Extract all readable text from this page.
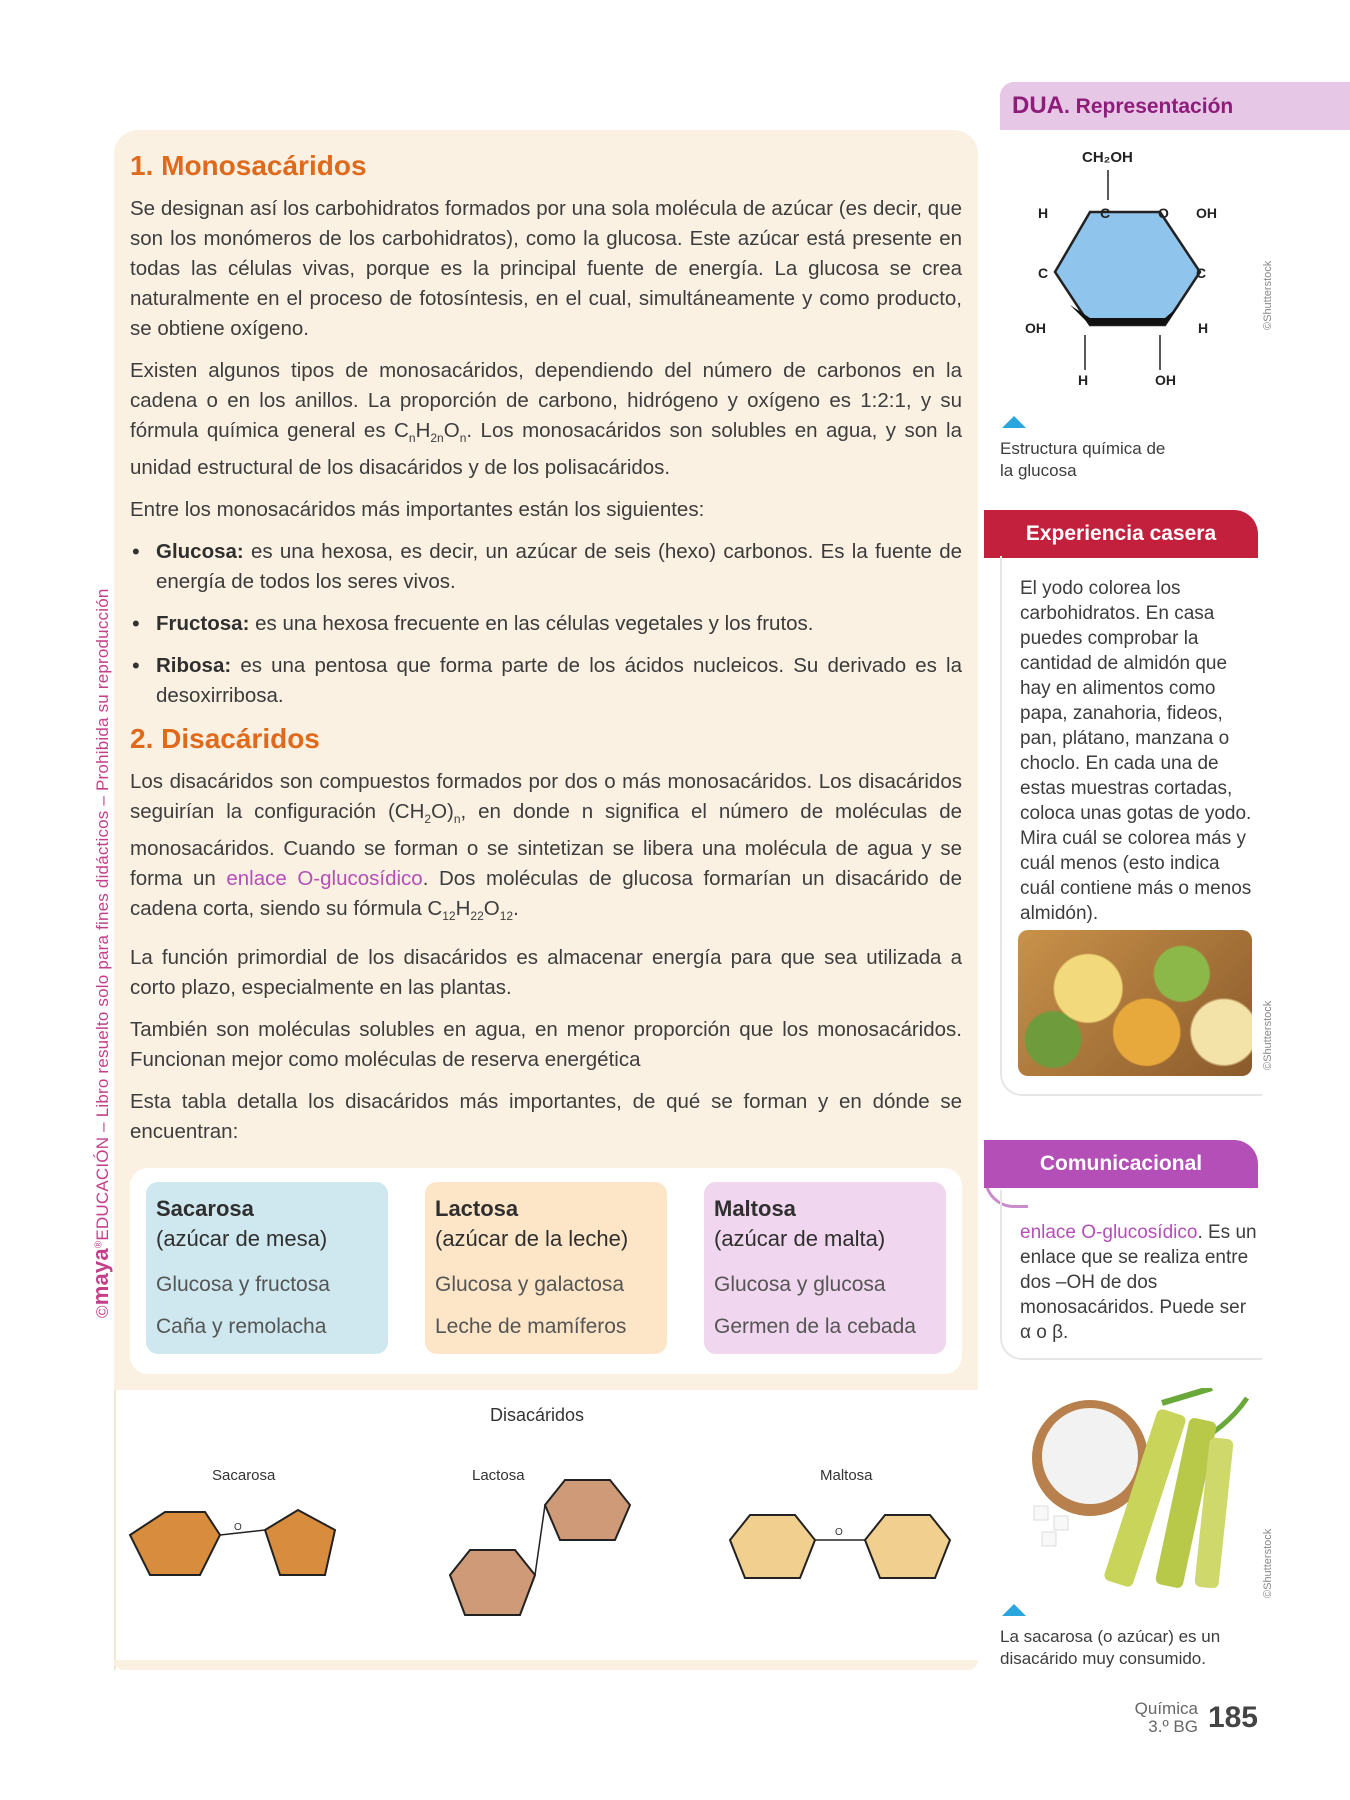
©maya®EDUCACIÓN – Libro resuelto solo para fines didácticos – Prohibida su reproducción
1. Monosacáridos

Se designan así los carbohidratos formados por una sola molécula de azúcar (es decir, que son los monómeros de los carbohidratos), como la glucosa. Este azúcar está presente en todas las células vivas, porque es la principal fuente de energía. La glucosa se crea naturalmente en el proceso de fotosíntesis, en el cual, simultáneamente y como producto, se obtiene oxígeno.

Existen algunos tipos de monosacáridos, dependiendo del número de carbonos en la cadena o en los anillos. La proporción de carbono, hidrógeno y oxígeno es 1:2:1, y su fórmula química general es $C_nH_{2n}O_n$. Los monosacáridos son solubles en agua, y son la unidad estructural de los disacáridos y de los polisacáridos.

Entre los monosacáridos más importantes están los siguientes:

• Glucosa: es una hexosa, es decir, un azúcar de seis (hexo) carbonos. Es la fuente de energía de todos los seres vivos.
• Fructosa: es una hexosa frecuente en las células vegetales y los frutos.
• Ribosa: es una pentosa que forma parte de los ácidos nucleicos. Su derivado es la desoxirribosa.
2. Disacáridos

Los disacáridos son compuestos formados por dos o más monosacáridos. Los disacáridos seguirían la configuración $(CH_2O)_n$, en donde n significa el número de moléculas de monosacáridos. Cuando se forman o se sintetizan se libera una molécula de agua y se forma un enlace O-glucosídico. Dos moléculas de glucosa formarían un disacárido de cadena corta, siendo su fórmula $C_{12}H_{22}O_{12}$.

La función primordial de los disacáridos es almacenar energía para que sea utilizada a corto plazo, especialmente en las plantas.

También son moléculas solubles en agua, en menor proporción que los monosacáridos. Funcionan mejor como moléculas de reserva energética

Esta tabla detalla los disacáridos más importantes, de qué se forman y en dónde se encuentran:

Sacarosa
(azúcar de mesa)
Glucosa y fructosa
Caña y remolacha
Lactosa
(azúcar de la leche)
Glucosa y galactosa
Leche de mamíferos
Maltosa
(azúcar de malta)
Glucosa y glucosa
Germen de la cebada
Disacáridos
Sacarosa
O
Lactosa	Maltosa
O
DUA. Representación
CH₂OH
H	C	O OH
C	C
OH	H
H	OH
©Shutterstock
Estructura química de la glucosa
Experiencia casera

El yodo colorea los carbohidratos. En casa puedes comprobar la cantidad de almidón que hay en alimentos como papa, zanahoria, fideos, pan, plátano, manzana o choclo. En cada una de estas muestras cortadas, coloca unas gotas de yodo. Mira cuál se colorea más y cuál menos (esto indica cuál contiene más o menos almidón).

©Shutterstock
Comunicacional

enlace O-glucosídico. Es un enlace que se realiza entre dos –OH de dos monosacáridos. Puede ser α o β.

©Shutterstock
La sacarosa (o azúcar) es un disacárido muy consumido.
Química
3.º BG 185
